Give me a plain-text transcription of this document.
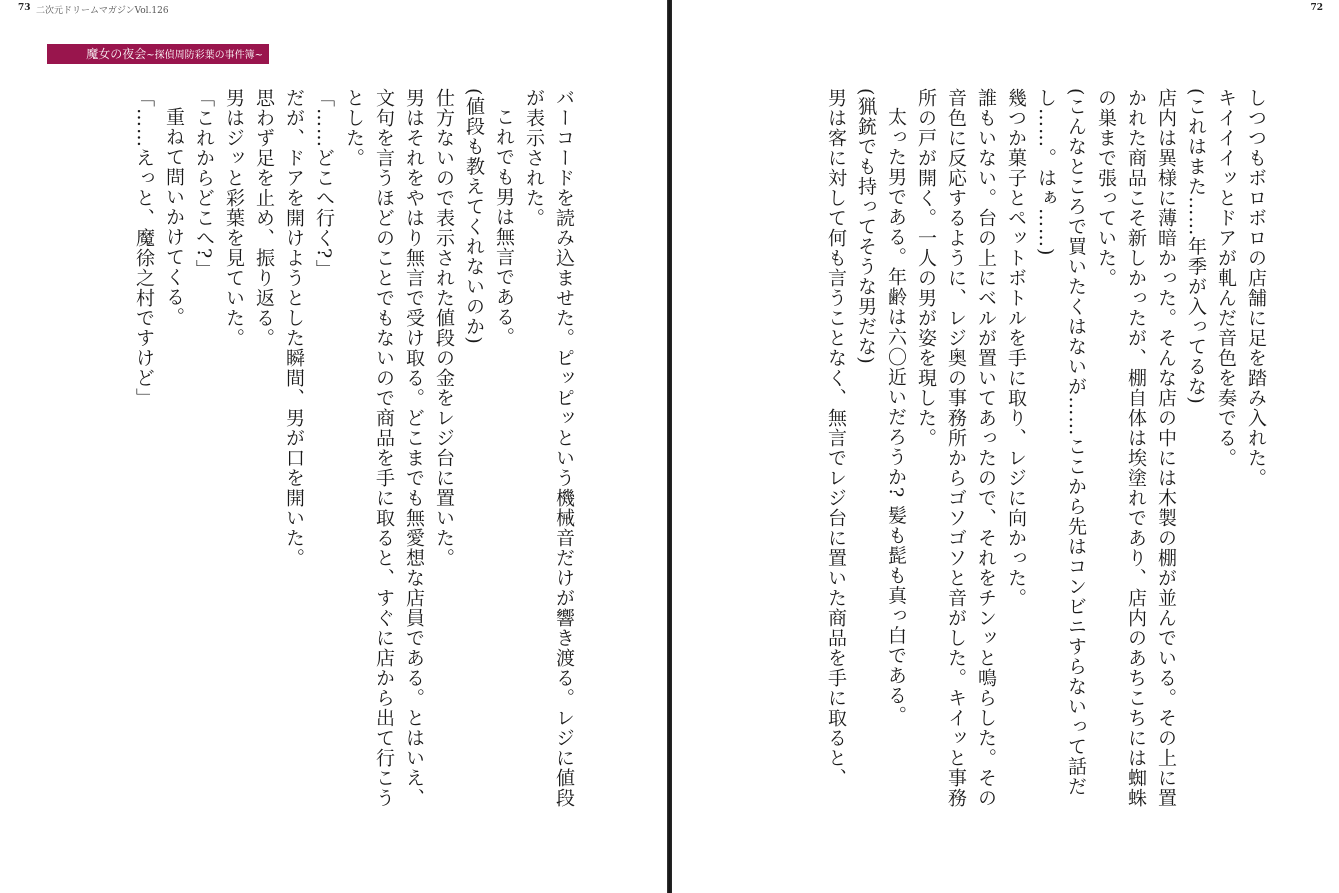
73 二次元ドリームマガジンVol.126
魔女の夜会~探偵周防彩葉の事件簿~

バーコードを読み込ませた。ピッピッという機械音だけが響き渡る。レジに値段が表示された。

これでも男は無言である。

(値段も教えてくれないのか)

仕方ないので表示された値段の金をレジ台に置いた。

男はそれをやはり無言で受け取る。どこまでも無愛想な店員である。とはいえ、文句を言うほどのことでもないので商品を手に取ると、すぐに店から出て行こうとした。

「……どこへ行く?」

だが、ドアを開けようとした瞬間、男が口を開いた。

思わず足を止め、振り返る。

男はジッと彩葉を見ていた。

「これからどこへ?」

重ねて問いかけてくる。

「……えっと、魔徐之村ですけど」

72

しつつもボロボロの店舗に足を踏み入れた。

キイイイッとドアが軋んだ音色を奏でる。

(これはまた……年季が入ってるな)

店内は異様に薄暗かった。そんな店の中には木製の棚が並んでいる。その上に置かれた商品こそ新しかったが、棚自体は埃塗れであり、店内のあちこちには蜘蛛の巣まで張っていた。

(こんなところで買いたくはないが……ここから先はコンビニすらないって話だし……。はぁ……)

幾つか菓子とペットボトルを手に取り、レジに向かった。

誰もいない。台の上にベルが置いてあったので、それをチンッと鳴らした。その音色に反応するように、レジ奥の事務所からゴソゴソと音がした。キイッと事務所の戸が開く。一人の男が姿を現した。

太った男である。年齢は六〇近いだろうか? 髪も髭も真っ白である。

(猟銃でも持ってそうな男だな)

男は客に対して何も言うことなく、無言でレジ台に置いた商品を手に取ると、
